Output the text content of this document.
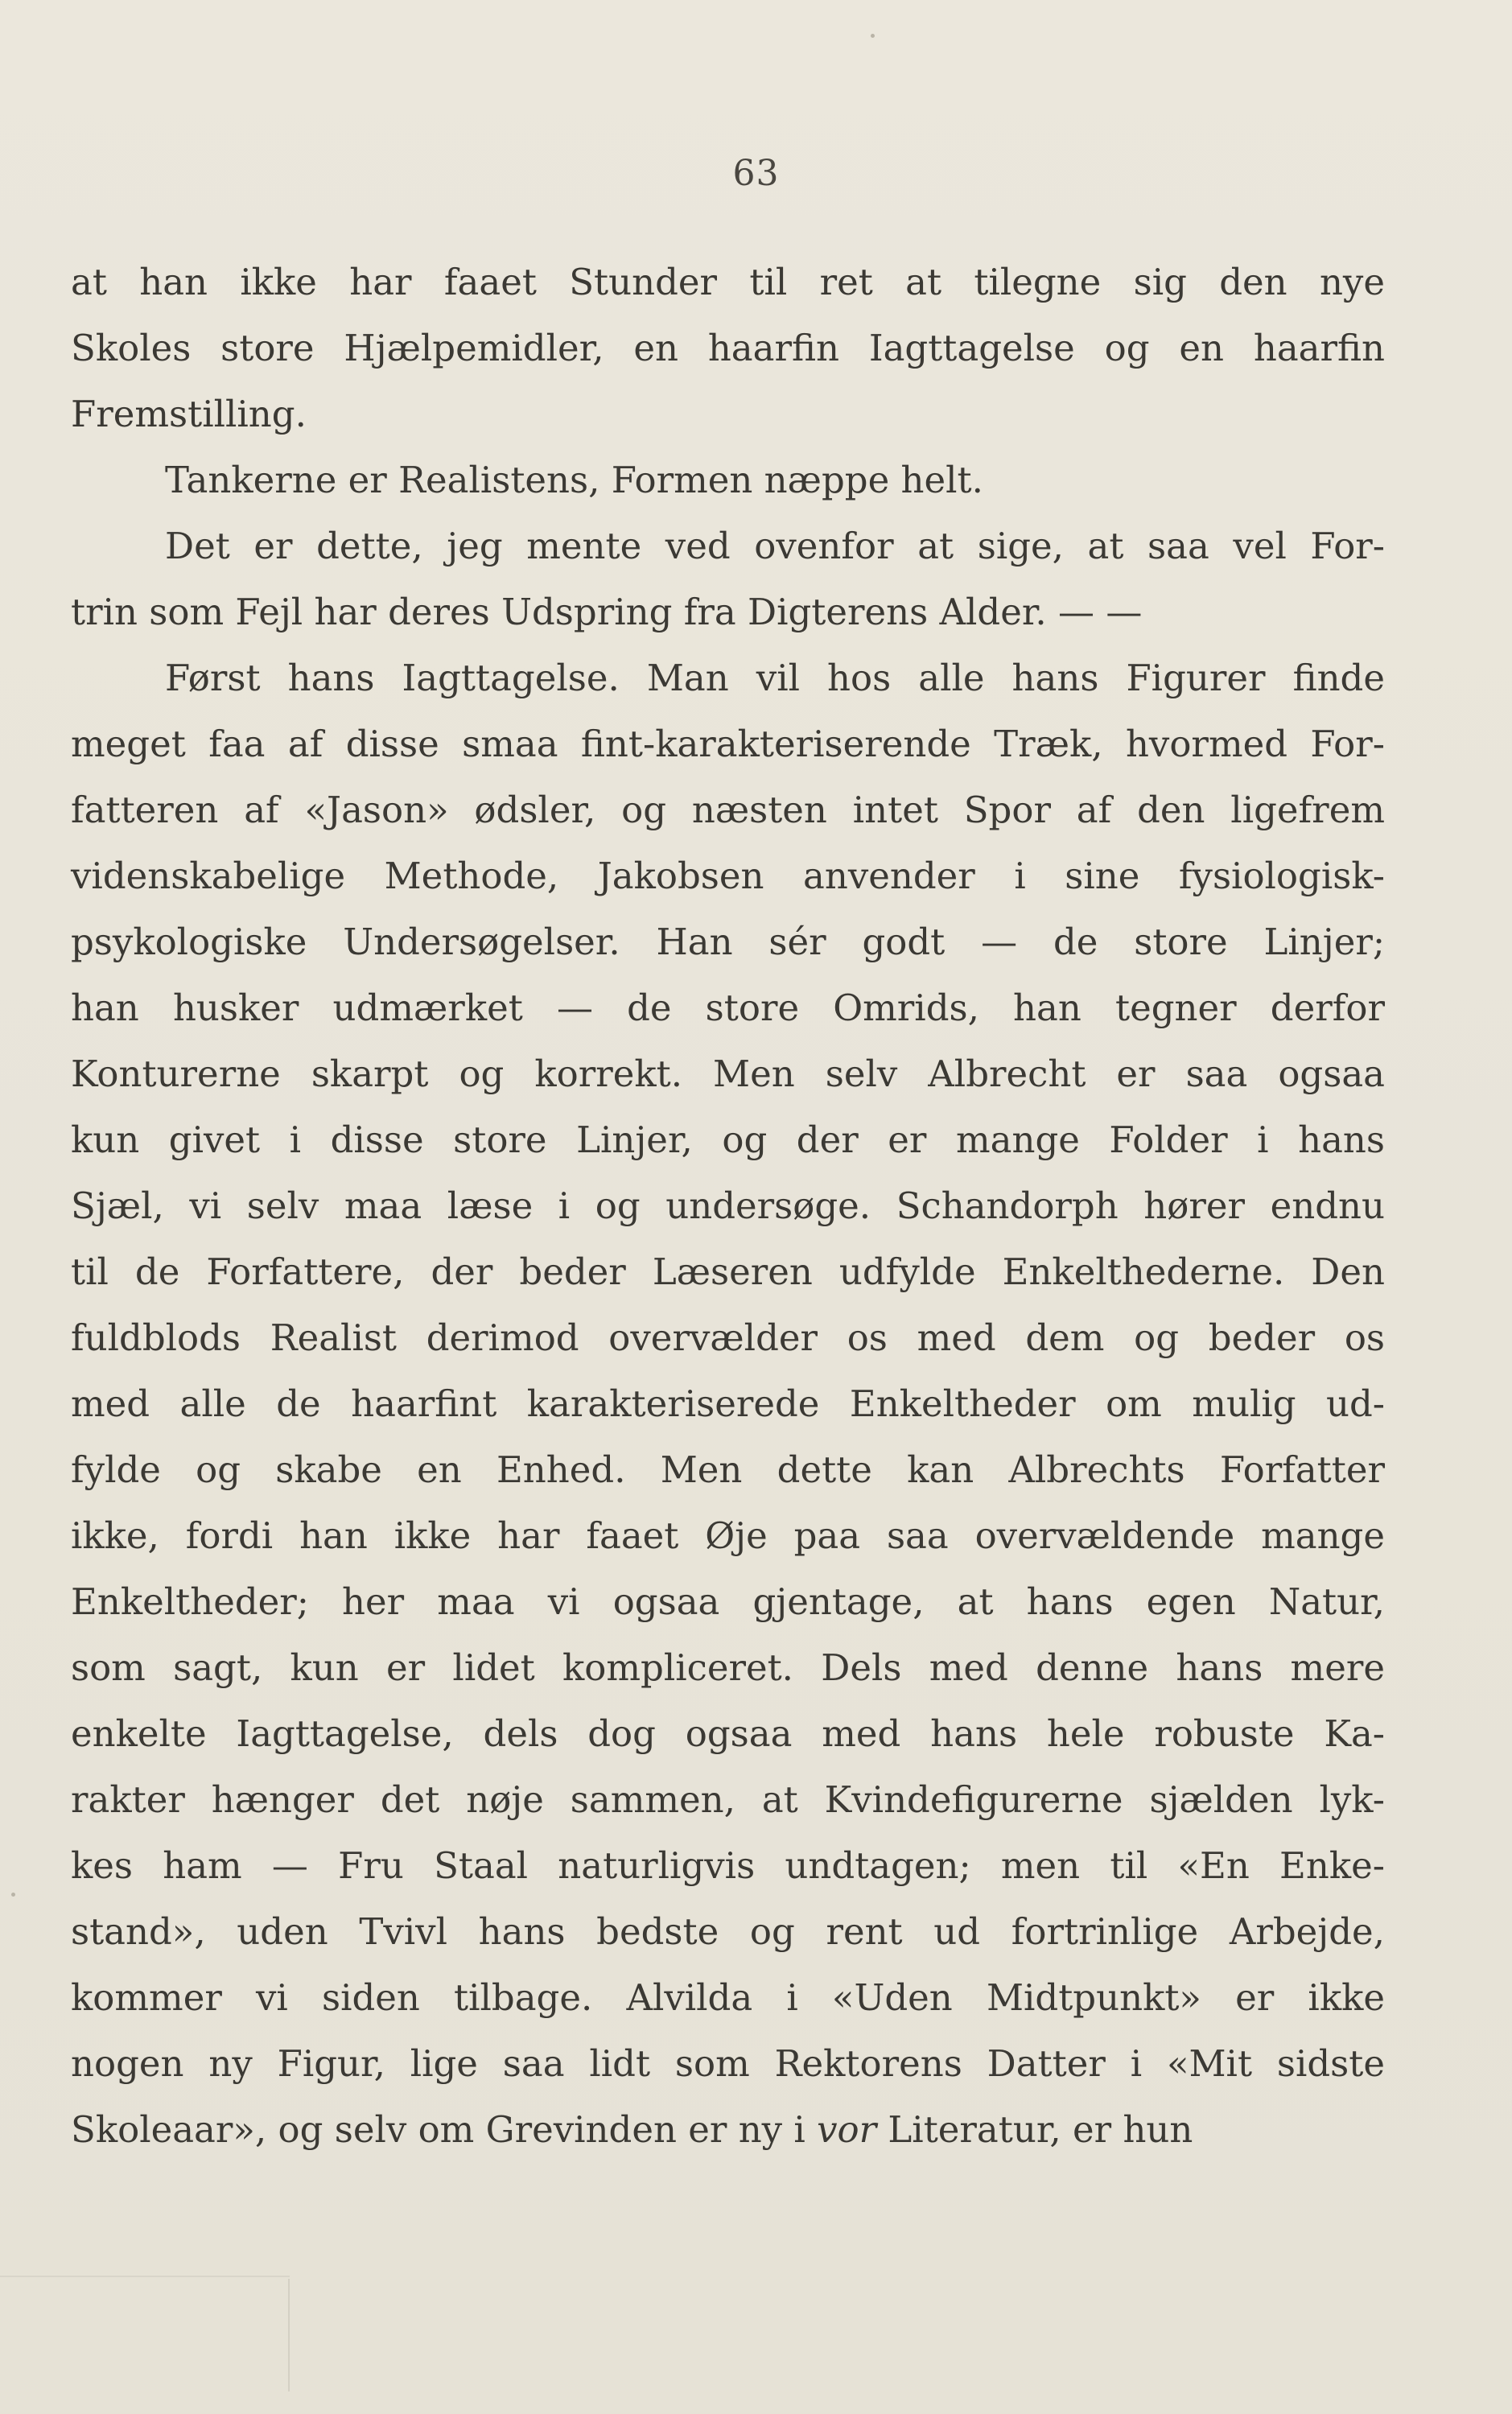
63
at han ikke har faaet Stunder til ret at tilegne sig den nye
Skoles store Hjælpemidler, en haarfin Iagttagelse og en haarfin
Fremstilling.
Tankerne er Realistens, Formen næppe helt.
Det er dette, jeg mente ved ovenfor at sige, at saa vel For-
trin som Fejl har deres Udspring fra Digterens Alder. — —
Først hans Iagttagelse. Man vil hos alle hans Figurer finde
meget faa af disse smaa fint-karakteriserende Træk, hvormed For-
fatteren af «Jason» ødsler, og næsten intet Spor af den ligefrem
videnskabelige Methode, Jakobsen anvender i sine fysiologisk-
psykologiske Undersøgelser. Han sér godt — de store Linjer;
han husker udmærket — de store Omrids, han tegner derfor
Konturerne skarpt og korrekt. Men selv Albrecht er saa ogsaa
kun givet i disse store Linjer, og der er mange Folder i hans
Sjæl, vi selv maa læse i og undersøge. Schandorph hører endnu
til de Forfattere, der beder Læseren udfylde Enkelthederne. Den
fuldblods Realist derimod overvælder os med dem og beder os
med alle de haarfint karakteriserede Enkeltheder om mulig ud-
fylde og skabe en Enhed. Men dette kan Albrechts Forfatter
ikke, fordi han ikke har faaet Øje paa saa overvældende mange
Enkeltheder; her maa vi ogsaa gjentage, at hans egen Natur,
som sagt, kun er lidet kompliceret. Dels med denne hans mere
enkelte Iagttagelse, dels dog ogsaa med hans hele robuste Ka-
rakter hænger det nøje sammen, at Kvindefigurerne sjælden lyk-
kes ham — Fru Staal naturligvis undtagen; men til «En Enke-
stand», uden Tvivl hans bedste og rent ud fortrinlige Arbejde,
kommer vi siden tilbage. Alvilda i «Uden Midtpunkt» er ikke
nogen ny Figur, lige saa lidt som Rektorens Datter i «Mit sidste
Skoleaar», og selv om Grevinden er ny i vor Literatur, er hun
